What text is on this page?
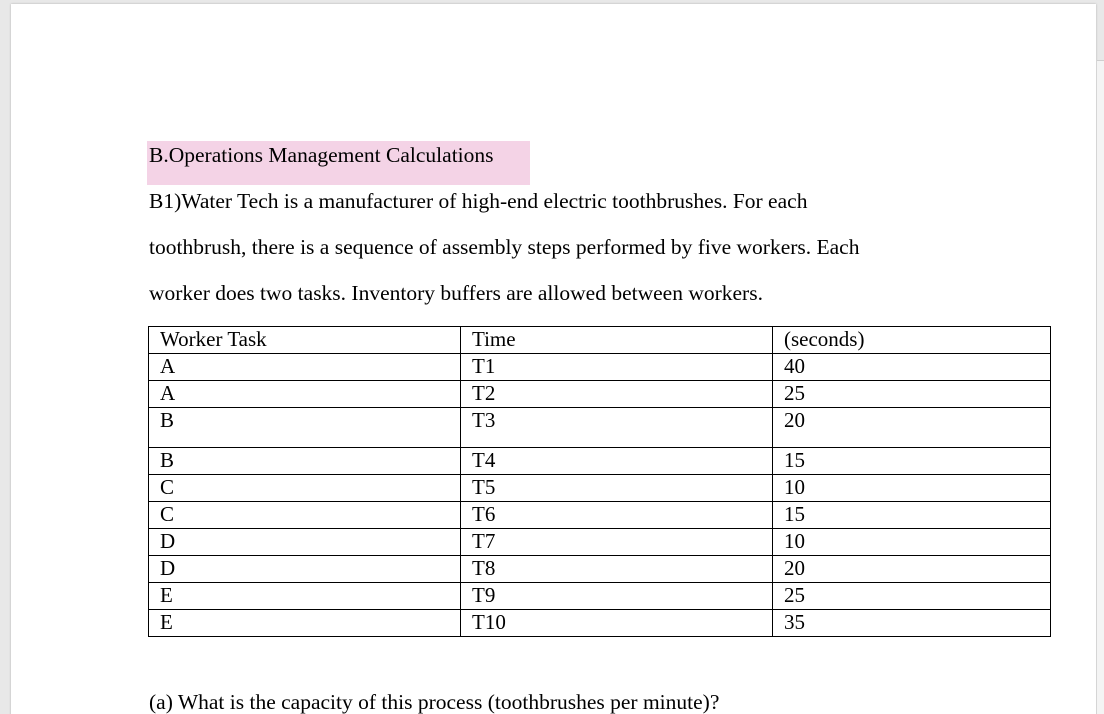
B.Operations Management Calculations
B1)Water Tech is a manufacturer of high-end electric toothbrushes. For each
toothbrush, there is a sequence of assembly steps performed by five workers. Each
worker does two tasks. Inventory buffers are allowed between workers.
Worker Task	Time	(seconds)
A	T1	40
A	T2	25
B	T3	20
B	T4	15
C	T5	10
C	T6	15
D	T7	10
D	T8	20
E	T9	25
E	T10	35
(a) What is the capacity of this process (toothbrushes per minute)?
